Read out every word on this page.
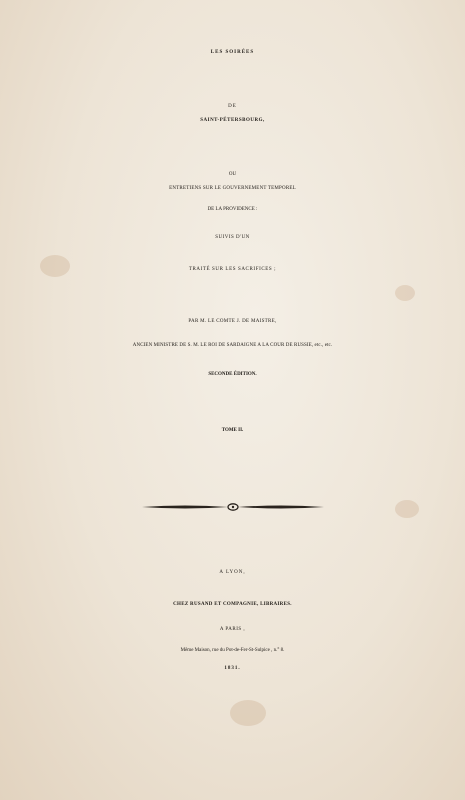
LES SOIRÉES
DE
SAINT-PÉTERSBOURG,
OU
ENTRETIENS SUR LE GOUVERNEMENT TEMPOREL
DE LA PROVIDENCE :
SUIVIS D'UN
TRAITÉ SUR LES SACRIFICES ;
PAR M. LE COMTE J. DE MAISTRE,
ANCIEN MINISTRE DE S. M. LE ROI DE SARDAIGNE A LA COUR DE RUSSIE, etc., etc.
SECONDE ÉDITION.
TOME II.
A LYON,
CHEZ RUSAND ET COMPAGNIE, LIBRAIRES.
A PARIS ,
Même Maison, rue du Pot-de-Fer-St-Sulpice , n.° 8.
1831.
